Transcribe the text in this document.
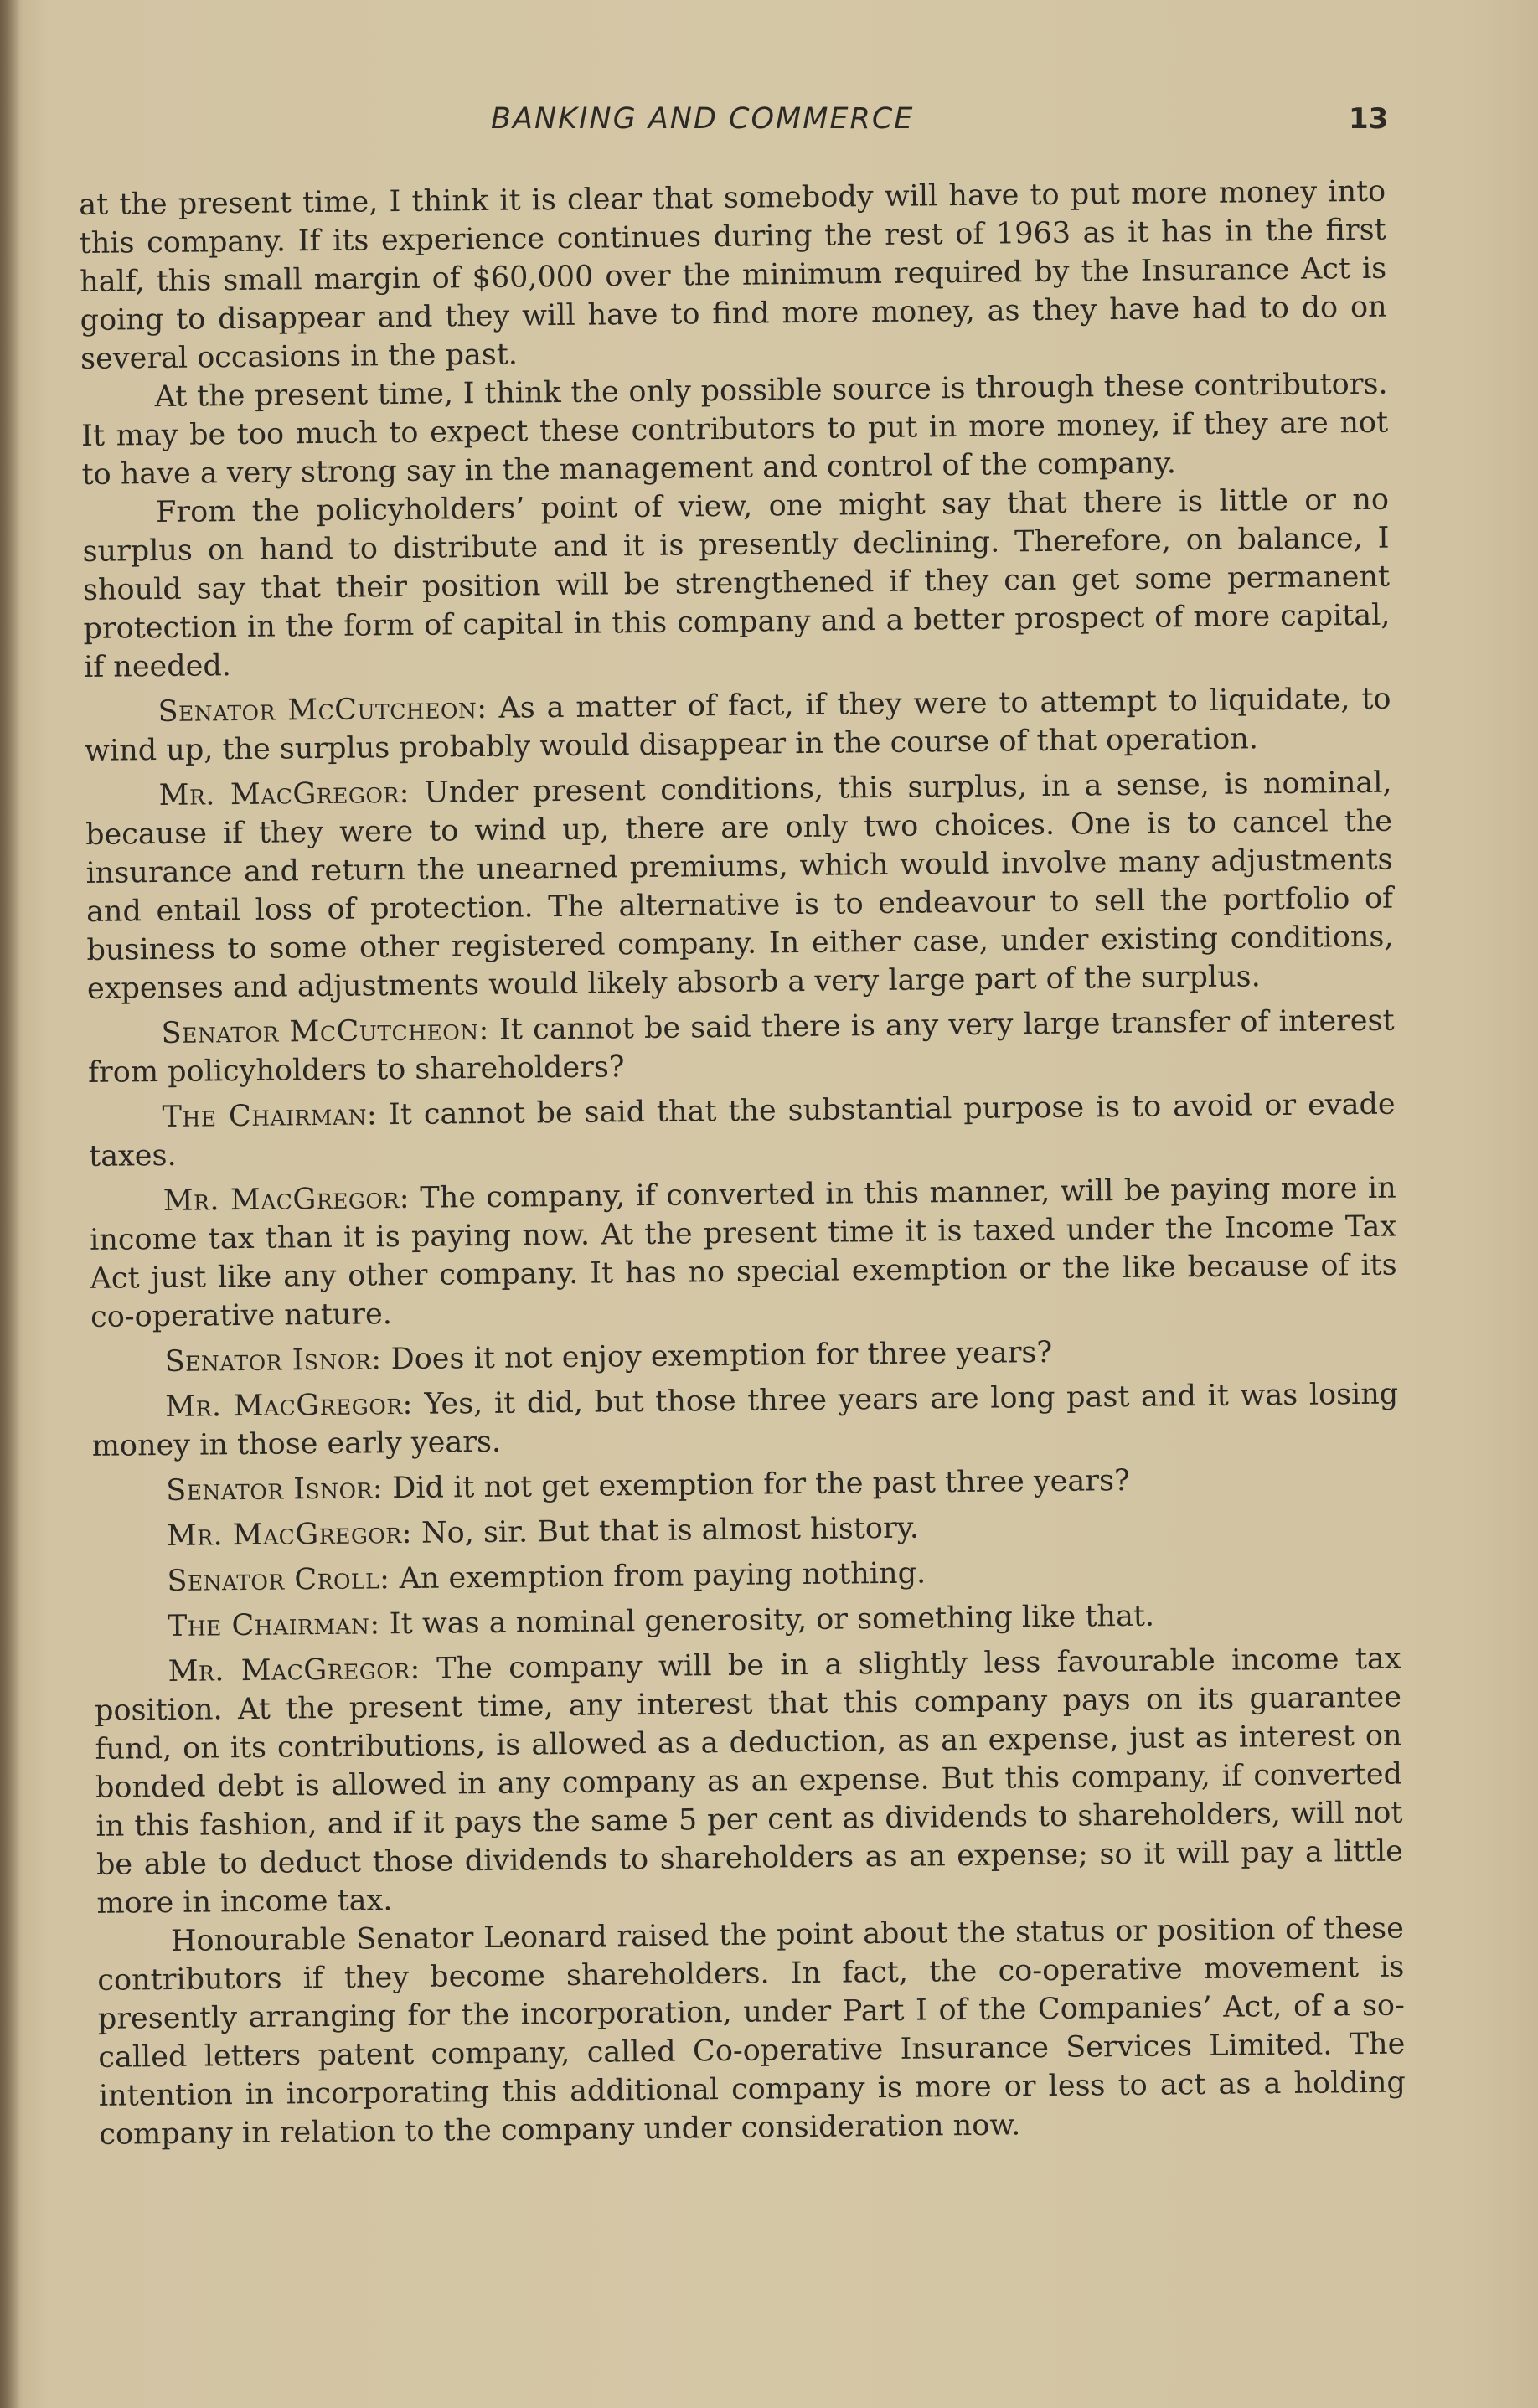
BANKING AND COMMERCE	13

at the present time, I think it is clear that somebody will have to put more money into this company. If its experience continues during the rest of 1963 as it has in the first half, this small margin of $60,000 over the minimum required by the Insurance Act is going to disappear and they will have to find more money, as they have had to do on several occasions in the past.

At the present time, I think the only possible source is through these contributors. It may be too much to expect these contributors to put in more money, if they are not to have a very strong say in the management and control of the company.

From the policyholders’ point of view, one might say that there is little or no surplus on hand to distribute and it is presently declining. Therefore, on balance, I should say that their position will be strengthened if they can get some permanent protection in the form of capital in this company and a better prospect of more capital, if needed.

Senator McCutcheon: As a matter of fact, if they were to attempt to liquidate, to wind up, the surplus probably would disappear in the course of that operation.

Mr. MacGregor: Under present conditions, this surplus, in a sense, is nominal, because if they were to wind up, there are only two choices. One is to cancel the insurance and return the unearned premiums, which would involve many adjustments and entail loss of protection. The alternative is to endeavour to sell the portfolio of business to some other registered company. In either case, under existing conditions, expenses and adjustments would likely absorb a very large part of the surplus.

Senator McCutcheon: It cannot be said there is any very large transfer of interest from policyholders to shareholders?

The Chairman: It cannot be said that the substantial purpose is to avoid or evade taxes.

Mr. MacGregor: The company, if converted in this manner, will be paying more in income tax than it is paying now. At the present time it is taxed under the Income Tax Act just like any other company. It has no special exemption or the like because of its co-operative nature.

Senator Isnor: Does it not enjoy exemption for three years?

Mr. MacGregor: Yes, it did, but those three years are long past and it was losing money in those early years.

Senator Isnor: Did it not get exemption for the past three years?

Mr. MacGregor: No, sir. But that is almost history.

Senator Croll: An exemption from paying nothing.

The Chairman: It was a nominal generosity, or something like that.

Mr. MacGregor: The company will be in a slightly less favourable income tax position. At the present time, any interest that this company pays on its guarantee fund, on its contributions, is allowed as a deduction, as an expense, just as interest on bonded debt is allowed in any company as an expense. But this company, if converted in this fashion, and if it pays the same 5 per cent as dividends to shareholders, will not be able to deduct those dividends to shareholders as an expense; so it will pay a little more in income tax.

Honourable Senator Leonard raised the point about the status or position of these contributors if they become shareholders. In fact, the co-operative movement is presently arranging for the incorporation, under Part I of the Companies’ Act, of a so-called letters patent company, called Co-operative Insurance Services Limited. The intention in incorporating this additional company is more or less to act as a holding company in relation to the company under consideration now.
